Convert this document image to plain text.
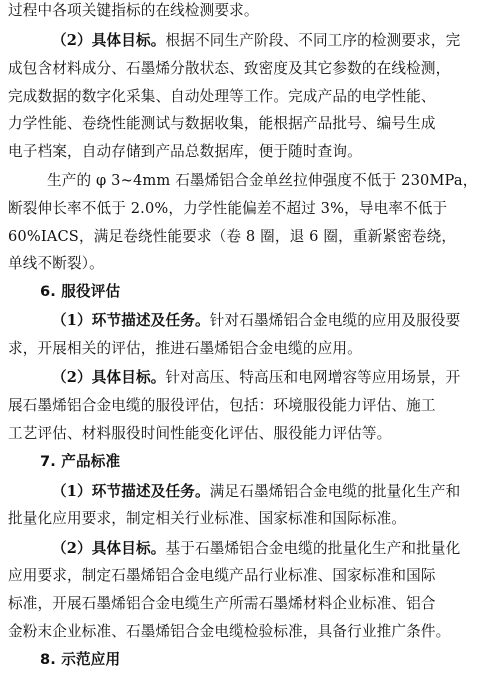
过程中各项关键指标的在线检测要求。
（2）具体目标。根据不同生产阶段、不同工序的检测要求，完
成包含材料成分、石墨烯分散状态、致密度及其它参数的在线检测，
完成数据的数字化采集、自动处理等工作。完成产品的电学性能、
力学性能、卷绕性能测试与数据收集，能根据产品批号、编号生成
电子档案，自动存储到产品总数据库，便于随时查询。
生产的 φ 3~4mm 石墨烯铝合金单丝拉伸强度不低于 230MPa，
断裂伸长率不低于 2.0%，力学性能偏差不超过 3%，导电率不低于
60%IACS，满足卷绕性能要求（卷 8 圈，退 6 圈，重新紧密卷绕，
单线不断裂）。
6. 服役评估
（1）环节描述及任务。针对石墨烯铝合金电缆的应用及服役要
求，开展相关的评估，推进石墨烯铝合金电缆的应用。
（2）具体目标。针对高压、特高压和电网增容等应用场景，开
展石墨烯铝合金电缆的服役评估，包括：环境服役能力评估、施工
工艺评估、材料服役时间性能变化评估、服役能力评估等。
7. 产品标准
（1）环节描述及任务。满足石墨烯铝合金电缆的批量化生产和
批量化应用要求，制定相关行业标准、国家标准和国际标准。
（2）具体目标。基于石墨烯铝合金电缆的批量化生产和批量化
应用要求，制定石墨烯铝合金电缆产品行业标准、国家标准和国际
标准，开展石墨烯铝合金电缆生产所需石墨烯材料企业标准、铝合
金粉末企业标准、石墨烯铝合金电缆检验标准，具备行业推广条件。
8. 示范应用
